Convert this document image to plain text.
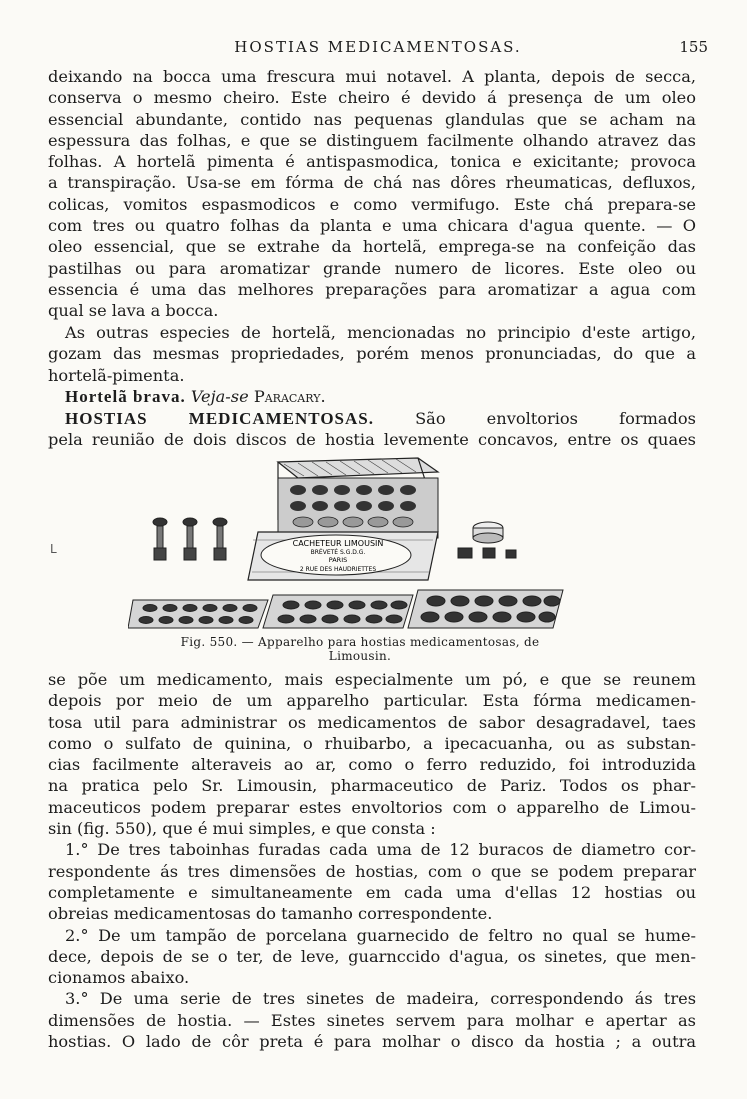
HOSTIAS MEDICAMENTOSAS.	155
deixando na bocca uma frescura mui notavel. A planta, depois de secca,
conserva o mesmo cheiro. Este cheiro é devido á presença de um oleo
essencial abundante, contido nas pequenas glandulas que se acham na
espessura das folhas, e que se distinguem facilmente olhando atravez das
folhas. A hortelã pimenta é antispasmodica, tonica e exicitante; provoca
a transpiração. Usa-se em fórma de chá nas dôres rheumaticas, defluxos,
colicas, vomitos espasmodicos e como vermifugo. Este chá prepara-se
com tres ou quatro folhas da planta e uma chicara d'agua quente. — O
oleo essencial, que se extrahe da hortelã, emprega-se na confeição das
pastilhas ou para aromatizar grande numero de licores. Este oleo ou
essencia é uma das melhores preparações para aromatizar a agua com
qual se lava a bocca.
As outras especies de hortelã, mencionadas no principio d'este artigo,
gozam das mesmas propriedades, porém menos pronunciadas, do que a
hortelã-pimenta.
Hortelã brava. Veja-se Paracary.
HOSTIAS MEDICAMENTOSAS.	São envoltorios formados
pela reunião de dois discos de hostia levemente concavos, entre os quaes
ᒪ	CACHETEUR LIMOUSIN
BRÉVETÉ S.G.D.G.
PARIS
2 RUE DES HAUDRIETTES
Fig. 550. — Apparelho para hostias medicamentosas, de Limousin.
se põe um medicamento, mais especialmente um pó, e que se reunem
depois por meio de um apparelho particular. Esta fórma medicamen-
tosa util para administrar os medicamentos de sabor desagradavel, taes
como o sulfato de quinina, o rhuibarbo, a ipecacuanha, ou as substan-
cias facilmente alteraveis ao ar, como o ferro reduzido, foi introduzida
na pratica pelo Sr. Limousin, pharmaceutico de Pariz. Todos os phar-
maceuticos podem preparar estes envoltorios com o apparelho de Limou-
sin (fig. 550), que é mui simples, e que consta :
1.° De tres taboinhas furadas cada uma de 12 buracos de diametro cor-
respondente ás tres dimensões de hostias, com o que se podem preparar
completamente e simultaneamente em cada uma d'ellas 12 hostias ou
obreias medicamentosas do tamanho correspondente.
2.° De um tampão de porcelana guarnecido de feltro no qual se hume-
dece, depois de se o ter, de leve, guarnccido d'agua, os sinetes, que men-
cionamos abaixo.
3.° De uma serie de tres sinetes de madeira, correspondendo ás tres
dimensões de hostia. — Estes sinetes servem para molhar e apertar as
hostias. O lado de côr preta é para molhar o disco da hostia ; a outra
